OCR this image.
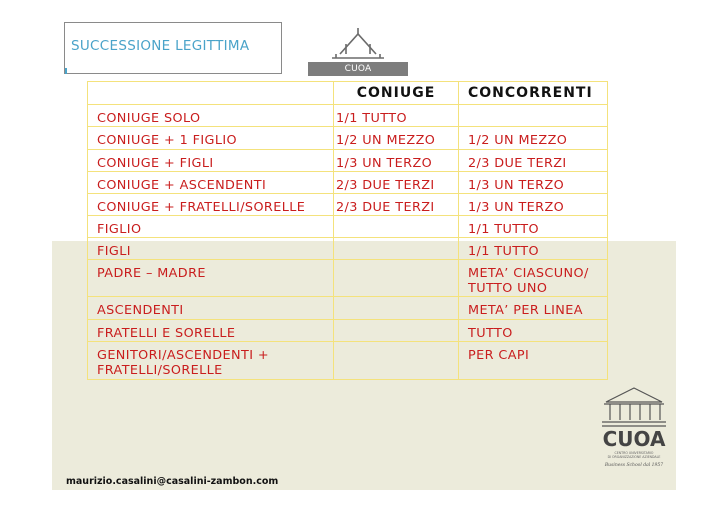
SUCCESSIONE LEGITTIMA
CUOA ESPLORATORIO
	CONIUGE	CONCORRENTI
CONIUGE SOLO	1/1 TUTTO	
CONIUGE + 1 FIGLIO	1/2 UN MEZZO	1/2 UN MEZZO
CONIUGE + FIGLI	1/3 UN TERZO	2/3 DUE TERZI
CONIUGE + ASCENDENTI	2/3 DUE TERZI	1/3 UN TERZO
CONIUGE + FRATELLI/SORELLE	2/3 DUE TERZI	1/3 UN TERZO
FIGLIO		1/1 TUTTO
FIGLI		1/1 TUTTO
PADRE – MADRE		META’ CIASCUNO/ TUTTO UNO
ASCENDENTI		META’ PER LINEA
FRATELLI E SORELLE		TUTTO
GENITORI/ASCENDENTI + FRATELLI/SORELLE		PER CAPI
CUOA
CENTRO UNIVERSITARIO
DI ORGANIZZAZIONE AZIENDALE
Business School dal 1957
maurizio.casalini@casalini-zambon.com
